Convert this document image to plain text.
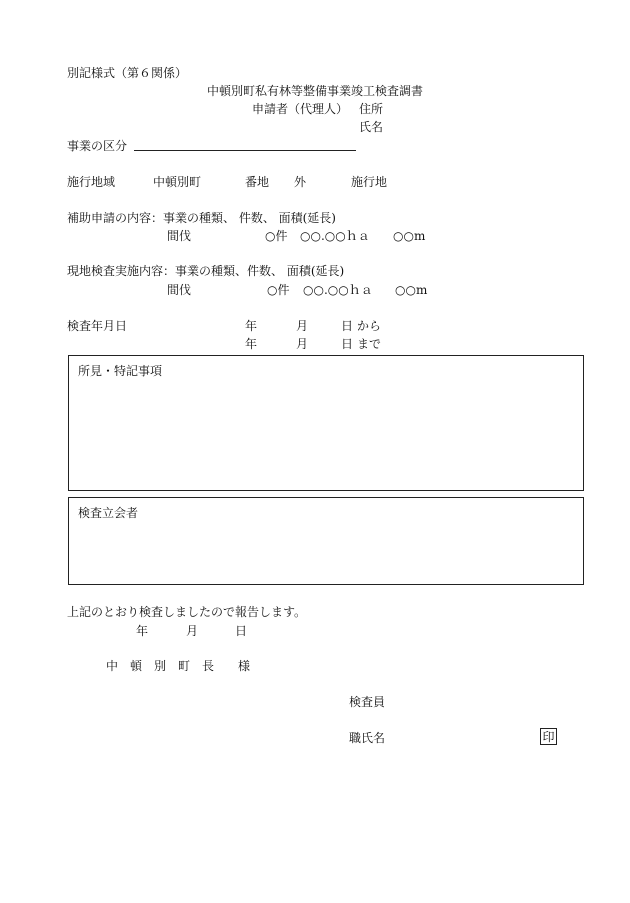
別記様式（第６関係）
中頓別町私有林等整備事業竣工検査調書
申請者（代理人） 住所
氏名
事業の区分
施行地域	中頓別町	番地 外	施行地
補助申請の内容：事業の種類、 件数、 面積(延長)
間伐	○件 ○○.○○ｈａ ○○m
現地検査実施内容：事業の種類、件数、 面積(延長)
間伐	○件 ○○.○○ｈａ ○○m
検査年月日	年	月	日 から
年	月	日 まで
所見・特記事項
検査立会者
上記のとおり検査しましたので報告します。
年	月	日
中　頓　別　町　長　　様
検査員
職氏名	印
